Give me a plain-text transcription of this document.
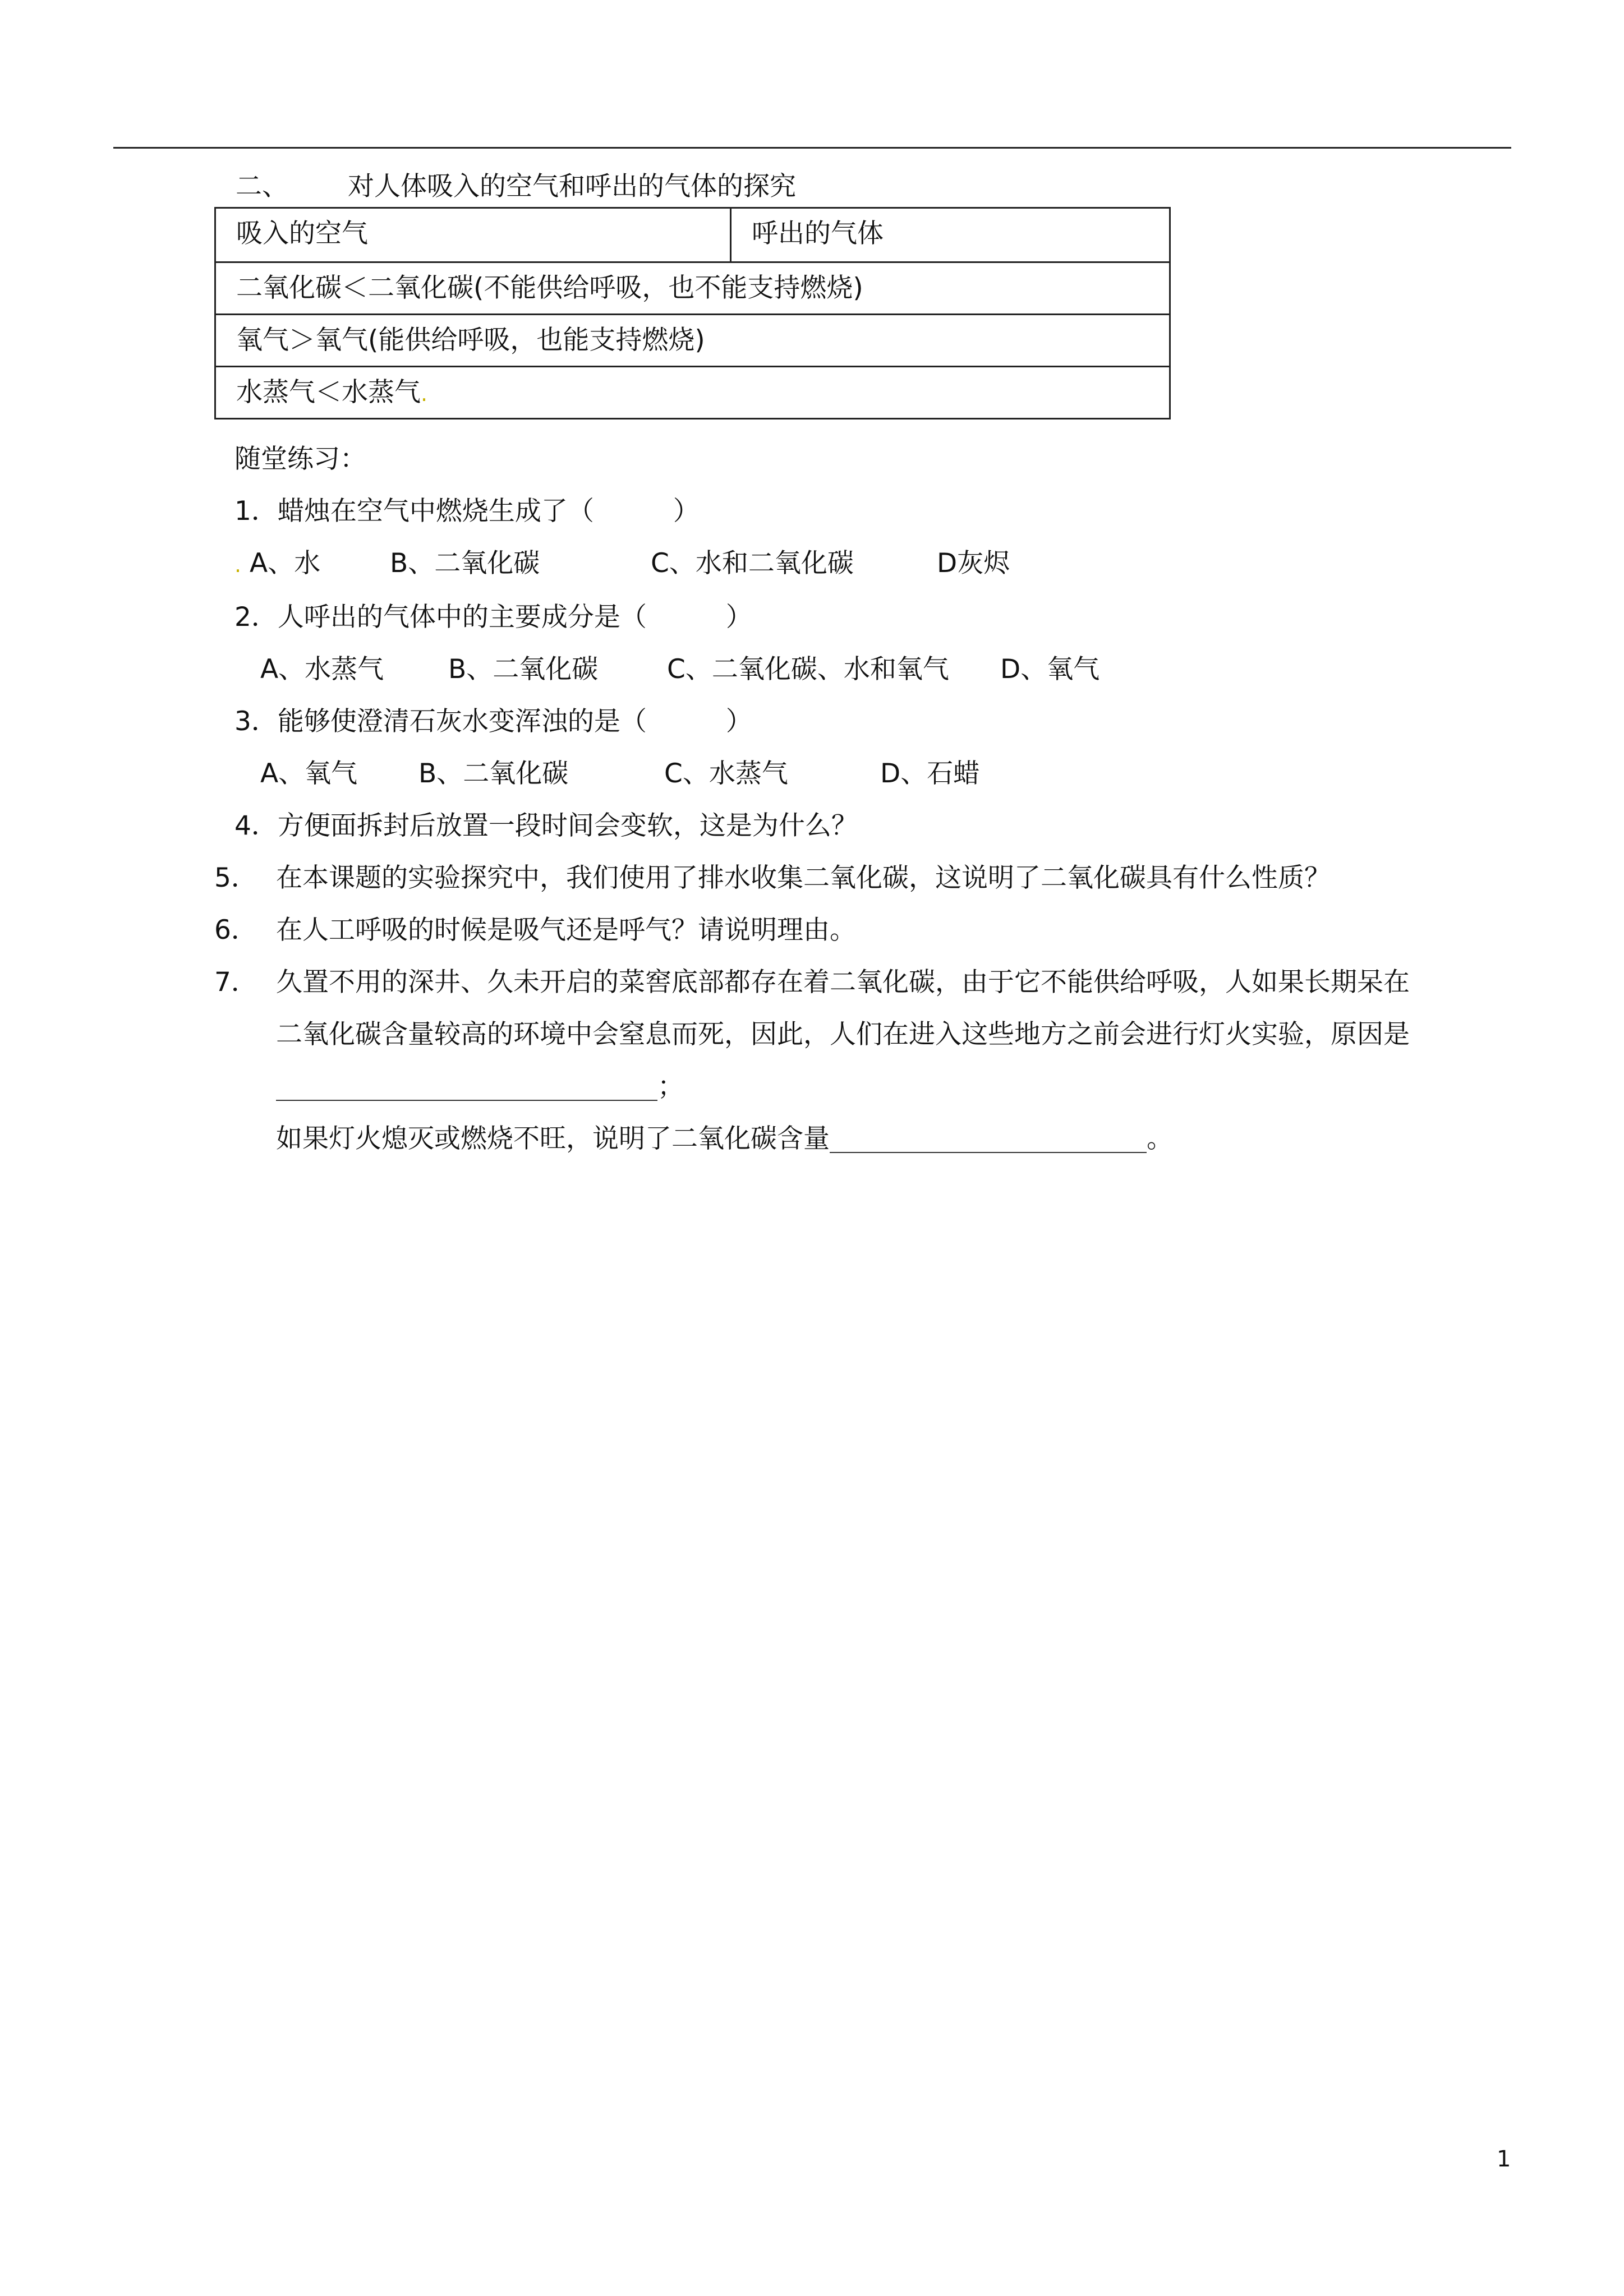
二、 对人体吸入的空气和呼出的气体的探究
吸入的空气	呼出的气体
二氧化碳＜二氧化碳(不能供给呼吸，也不能支持燃烧)
氧气＞氧气(能供给呼吸，也能支持燃烧)
水蒸气＜水蒸气.
随堂练习：
1．蜡烛在空气中燃烧生成了（　　　）
. A、水	B、二氧化碳	C、水和二氧化碳	D灰烬
2．人呼出的气体中的主要成分是（　　　）
A、水蒸气 B、二氧化碳	C、二氧化碳、水和氧气 D、氧气
3．能够使澄清石灰水变浑浊的是（　　　）
A、氧气 B、二氧化碳	C、水蒸气	D、石蜡
4．方便面拆封后放置一段时间会变软，这是为什么？
5． 在本课题的实验探究中，我们使用了排水收集二氧化碳，这说明了二氧化碳具有什么性质？
6． 在人工呼吸的时候是吸气还是呼气？请说明理由。
7． 久置不用的深井、久未开启的菜窖底部都存在着二氧化碳，由于它不能供给呼吸，人如果长期呆在
二氧化碳含量较高的环境中会窒息而死，因此，人们在进入这些地方之前会进行灯火实验，原因是
；
如果灯火熄灭或燃烧不旺，说明了二氧化碳含量	。
1
